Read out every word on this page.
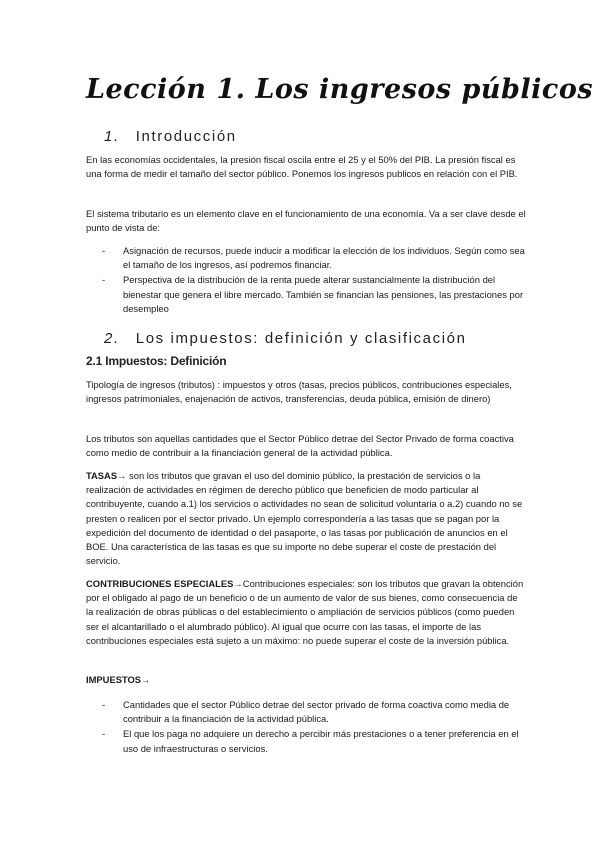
Lección 1. Los ingresos públicos
1. Introducción
En las economías occidentales, la presión fiscal oscila entre el 25 y el 50% del PIB. La presión fiscal es una forma de medir el tamaño del sector público. Ponemos los ingresos publicos en relación con el PIB.
El sistema tributario es un elemento clave en el funcionamiento de una economía. Va a ser clave desde el punto de vista de:
- Asignación de recursos, puede inducir a modificar la elección de los individuos. Según como sea el tamaño de los ingresos, así podremos financiar.
- Perspectiva de la distribución de la renta puede alterar sustancialmente la distribución del bienestar que genera el libre mercado. También se financian las pensiones, las prestaciones por desempleo
2. Los impuestos: definición y clasificación
2.1 Impuestos: Definición
Tipología de ingresos (tributos) : impuestos y otros (tasas, precios públicos, contribuciones especiales, ingresos patrimoniales, enajenación de activos, transferencias, deuda pública, emisión de dinero)
Los tributos son aquellas cantidades que el Sector Público detrae del Sector Privado de forma coactiva como medio de contribuir a la financiación general de la actividad pública.
TASAS→ son los tributos que gravan el uso del dominio público, la prestación de servicios o la realización de actividades en régimen de derecho público que beneficien de modo particular al contribuyente, cuando a.1) los servicios o actividades no sean de solicitud voluntaria o a.2) cuando no se presten o realicen por el sector privado. Un ejemplo correspondería a las tasas que se pagan por la expedición del documento de identidad o del pasaporte, o las tasas por publicación de anuncios en el BOE. Una característica de las tasas es que su importe no debe superar el coste de prestación del servicio.
CONTRIBUCIONES ESPECIALES→Contribuciones especiales: son los tributos que gravan la obtención por el obligado al pago de un beneficio o de un aumento de valor de sus bienes, como consecuencia de la realización de obras públicas o del establecimiento o ampliación de servicios públicos (como pueden ser el alcantarillado o el alumbrado público). Al igual que ocurre con las tasas, el importe de las contribuciones especiales está sujeto a un máximo: no puede superar el coste de la inversión pública.
IMPUESTOS→
- Cantidades que el sector Público detrae del sector privado de forma coactiva como media de contribuir a la financiación de la actividad pública.
- El que los paga no adquiere un derecho a percibir más prestaciones o a tener preferencia en el uso de infraestructuras o servicios.
